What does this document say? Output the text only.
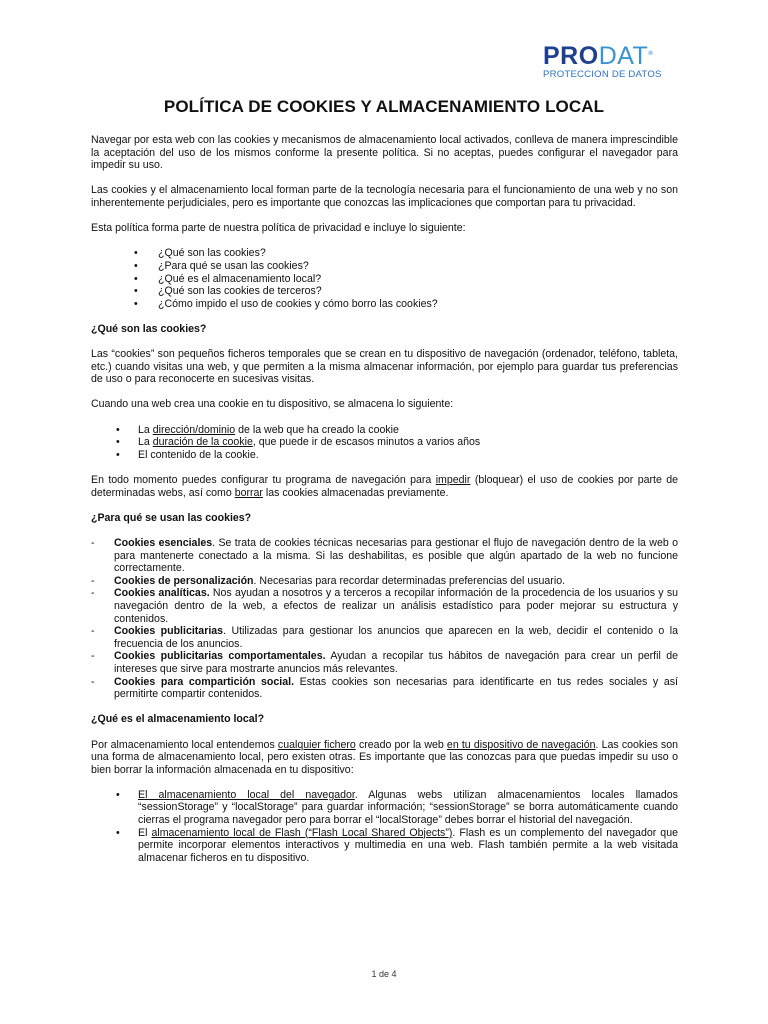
PRODAT®
PROTECCION DE DATOS
POLÍTICA DE COOKIES Y ALMACENAMIENTO LOCAL

Navegar por esta web con las cookies y mecanismos de almacenamiento local activados, conlleva de manera imprescindible la aceptación del uso de los mismos conforme la presente política. Si no aceptas, puedes configurar el navegador para impedir su uso.

Las cookies y el almacenamiento local forman parte de la tecnología necesaria para el funcionamiento de una web y no son inherentemente perjudiciales, pero es importante que conozcas las implicaciones que comportan para tu privacidad.

Esta política forma parte de nuestra política de privacidad e incluye lo siguiente:

• ¿Qué son las cookies?
• ¿Para qué se usan las cookies?
• ¿Qué es el almacenamiento local?
• ¿Qué son las cookies de terceros?
• ¿Cómo impido el uso de cookies y cómo borro las cookies?
¿Qué son las cookies?

Las “cookies” son pequeños ficheros temporales que se crean en tu dispositivo de navegación (ordenador, teléfono, tableta, etc.) cuando visitas una web, y que permiten a la misma almacenar información, por ejemplo para guardar tus preferencias de uso o para reconocerte en sucesivas visitas.

Cuando una web crea una cookie en tu dispositivo, se almacena lo siguiente:

• La dirección/dominio de la web que ha creado la cookie
• La duración de la cookie, que puede ir de escasos minutos a varios años
• El contenido de la cookie.

En todo momento puedes configurar tu programa de navegación para impedir (bloquear) el uso de cookies por parte de determinadas webs, así como borrar las cookies almacenadas previamente.

¿Para qué se usan las cookies?
- Cookies esenciales. Se trata de cookies técnicas necesarias para gestionar el flujo de navegación dentro de la web o para mantenerte conectado a la misma. Si las deshabilitas, es posible que algún apartado de la web no funcione correctamente.
- Cookies de personalización. Necesarias para recordar determinadas preferencias del usuario.
- Cookies analíticas. Nos ayudan a nosotros y a terceros a recopilar información de la procedencia de los usuarios y su navegación dentro de la web, a efectos de realizar un análisis estadístico para poder mejorar su estructura y contenidos.
- Cookies publicitarias. Utilizadas para gestionar los anuncios que aparecen en la web, decidir el contenido o la frecuencia de los anuncios.
- Cookies publicitarias comportamentales. Ayudan a recopilar tus hábitos de navegación para crear un perfil de intereses que sirve para mostrarte anuncios más relevantes.
- Cookies para compartición social. Estas cookies son necesarias para identificarte en tus redes sociales y así permitirte compartir contenidos.
¿Qué es el almacenamiento local?

Por almacenamiento local entendemos cualquier fichero creado por la web en tu dispositivo de navegación. Las cookies son una forma de almacenamiento local, pero existen otras. Es importante que las conozcas para que puedas impedir su uso o bien borrar la información almacenada en tu dispositivo:

• El almacenamiento local del navegador. Algunas webs utilizan almacenamientos locales llamados “sessionStorage” y “localStorage” para guardar información; “sessionStorage” se borra automáticamente cuando cierras el programa navegador pero para borrar el “localStorage” debes borrar el historial del navegación.
• El almacenamiento local de Flash (“Flash Local Shared Objects”). Flash es un complemento del navegador que permite incorporar elementos interactivos y multimedia en una web. Flash también permite a la web visitada almacenar ficheros en tu dispositivo.
1 de 4
